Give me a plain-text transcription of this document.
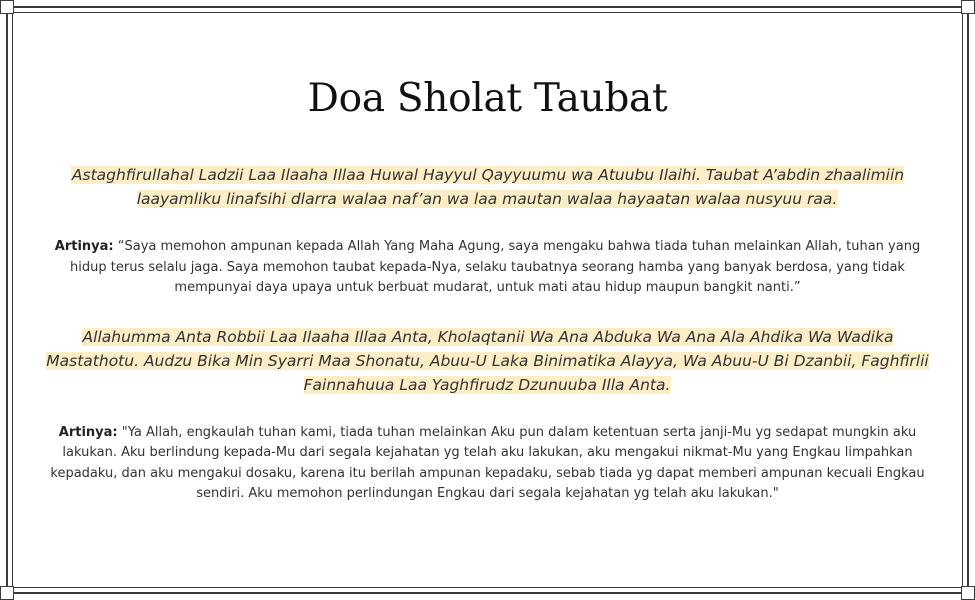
Doa Sholat Taubat

Astaghfirullahal Ladzii Laa Ilaaha Illaa Huwal Hayyul Qayyuumu wa Atuubu Ilaihi. Taubat A’abdin zhaalimiin laayamliku linafsihi dlarra walaa naf’an wa laa mautan walaa hayaatan walaa nusyuu raa.

Artinya: “Saya memohon ampunan kepada Allah Yang Maha Agung, saya mengaku bahwa tiada tuhan melainkan Allah, tuhan yang hidup terus selalu jaga. Saya memohon taubat kepada-Nya, selaku taubatnya seorang hamba yang banyak berdosa, yang tidak mempunyai daya upaya untuk berbuat mudarat, untuk mati atau hidup maupun bangkit nanti.”

Allahumma Anta Robbii Laa Ilaaha Illaa Anta, Kholaqtanii Wa Ana Abduka Wa Ana Ala Ahdika Wa Wadika Mastathotu. Audzu Bika Min Syarri Maa Shonatu, Abuu-U Laka Binimatika Alayya, Wa Abuu-U Bi Dzanbii, Faghfirlii Fainnahuua Laa Yaghfirudz Dzunuuba Illa Anta.

Artinya: "Ya Allah, engkaulah tuhan kami, tiada tuhan melainkan Aku pun dalam ketentuan serta janji-Mu yg sedapat mungkin aku lakukan. Aku berlindung kepada-Mu dari segala kejahatan yg telah aku lakukan, aku mengakui nikmat-Mu yang Engkau limpahkan kepadaku, dan aku mengakui dosaku, karena itu berilah ampunan kepadaku, sebab tiada yg dapat memberi ampunan kecuali Engkau sendiri. Aku memohon perlindungan Engkau dari segala kejahatan yg telah aku lakukan."
